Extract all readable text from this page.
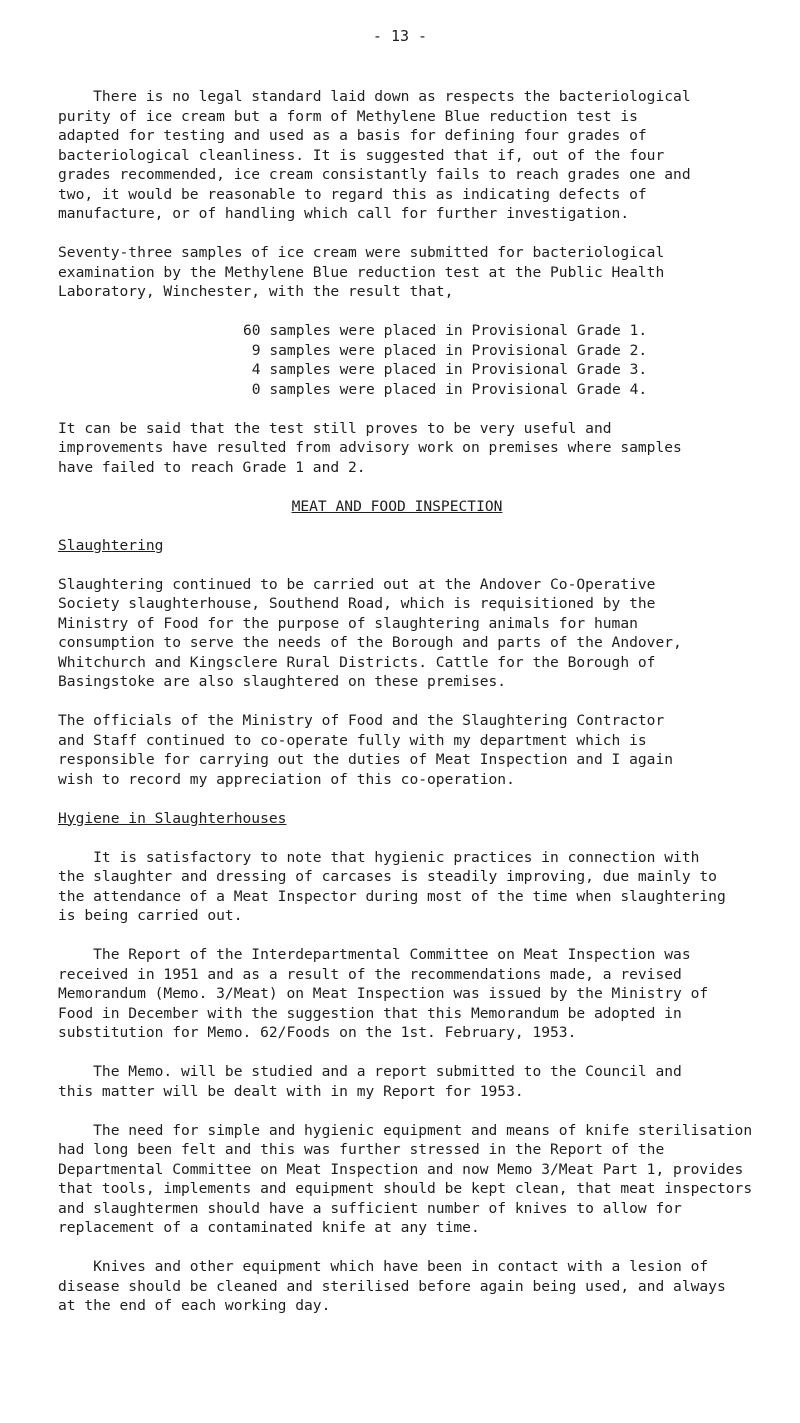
- 13 -

There is no legal standard laid down as respects the bacteriological
purity of ice cream but a form of Methylene Blue reduction test is
adapted for testing and used as a basis for defining four grades of
bacteriological cleanliness. It is suggested that if, out of the four
grades recommended, ice cream consistantly fails to reach grades one and
two, it would be reasonable to regard this as indicating defects of
manufacture, or of handling which call for further investigation.

Seventy-three samples of ice cream were submitted for bacteriological
examination by the Methylene Blue reduction test at the Public Health
Laboratory, Winchester, with the result that,

60 samples were placed in Provisional Grade 1.
9 samples were placed in Provisional Grade 2.
4 samples were placed in Provisional Grade 3.
0 samples were placed in Provisional Grade 4.

It can be said that the test still proves to be very useful and
improvements have resulted from advisory work on premises where samples
have failed to reach Grade 1 and 2.

MEAT AND FOOD INSPECTION
Slaughtering

Slaughtering continued to be carried out at the Andover Co-Operative
Society slaughterhouse, Southend Road, which is requisitioned by the
Ministry of Food for the purpose of slaughtering animals for human
consumption to serve the needs of the Borough and parts of the Andover,
Whitchurch and Kingsclere Rural Districts. Cattle for the Borough of
Basingstoke are also slaughtered on these premises.

The officials of the Ministry of Food and the Slaughtering Contractor
and Staff continued to co-operate fully with my department which is
responsible for carrying out the duties of Meat Inspection and I again
wish to record my appreciation of this co-operation.

Hygiene in Slaughterhouses

It is satisfactory to note that hygienic practices in connection with
the slaughter and dressing of carcases is steadily improving, due mainly to
the attendance of a Meat Inspector during most of the time when slaughtering
is being carried out.

The Report of the Interdepartmental Committee on Meat Inspection was
received in 1951 and as a result of the recommendations made, a revised
Memorandum (Memo. 3/Meat) on Meat Inspection was issued by the Ministry of
Food in December with the suggestion that this Memorandum be adopted in
substitution for Memo. 62/Foods on the 1st. February, 1953.

The Memo. will be studied and a report submitted to the Council and
this matter will be dealt with in my Report for 1953.

The need for simple and hygienic equipment and means of knife sterilisation
had long been felt and this was further stressed in the Report of the
Departmental Committee on Meat Inspection and now Memo 3/Meat Part 1, provides
that tools, implements and equipment should be kept clean, that meat inspectors
and slaughtermen should have a sufficient number of knives to allow for
replacement of a contaminated knife at any time.

Knives and other equipment which have been in contact with a lesion of
disease should be cleaned and sterilised before again being used, and always
at the end of each working day.
